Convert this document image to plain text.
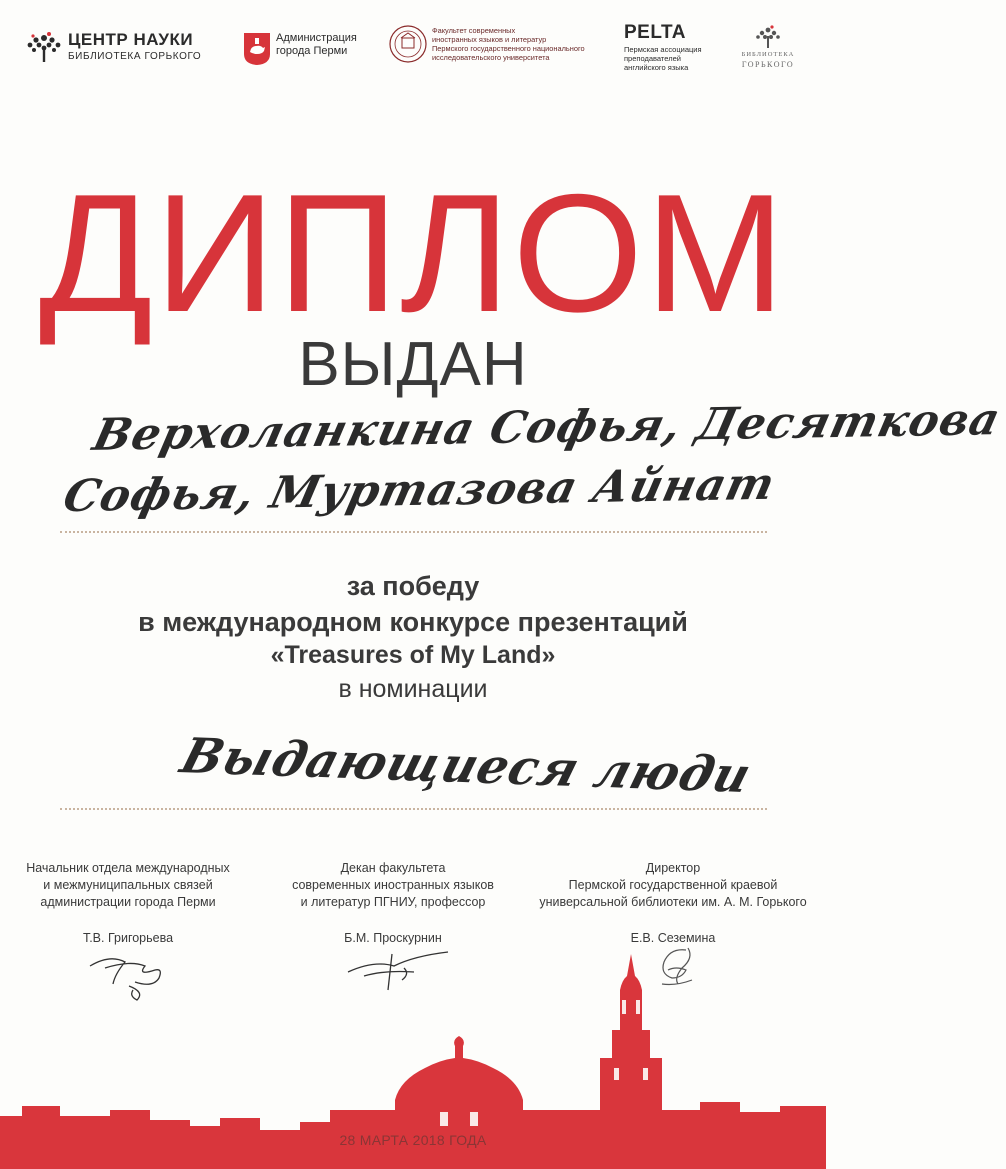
ЦЕНТР НАУКИ
БИБЛИОТЕКА ГОРЬКОГО
Администрация
города Перми
Факультет современных
иностранных языков и литератур
Пермского государственного национального
исследовательского университета
PELTA
Пермская ассоциация
преподавателей
английского языка
БИБЛИОТЕКА
ГОРЬКОГО
ДИПЛОМ
ВЫДАН
Верхоланкина Софья, Десяткова
Софья, Муртазова Айнат
за победу
в международном конкурсе презентаций
«Treasures of My Land»
в номинации
Выдающиеся люди
Начальник отдела международных
и межмуниципальных связей
администрации города Перми
Т.В. Григорьева
Декан факультета
современных иностранных языков
и литератур ПГНИУ, профессор
Б.М. Проскурнин
Директор
Пермской государственной краевой
универсальной библиотеки им. А. М. Горького
Е.В. Сеземина
28 МАРТА 2018 ГОДА
